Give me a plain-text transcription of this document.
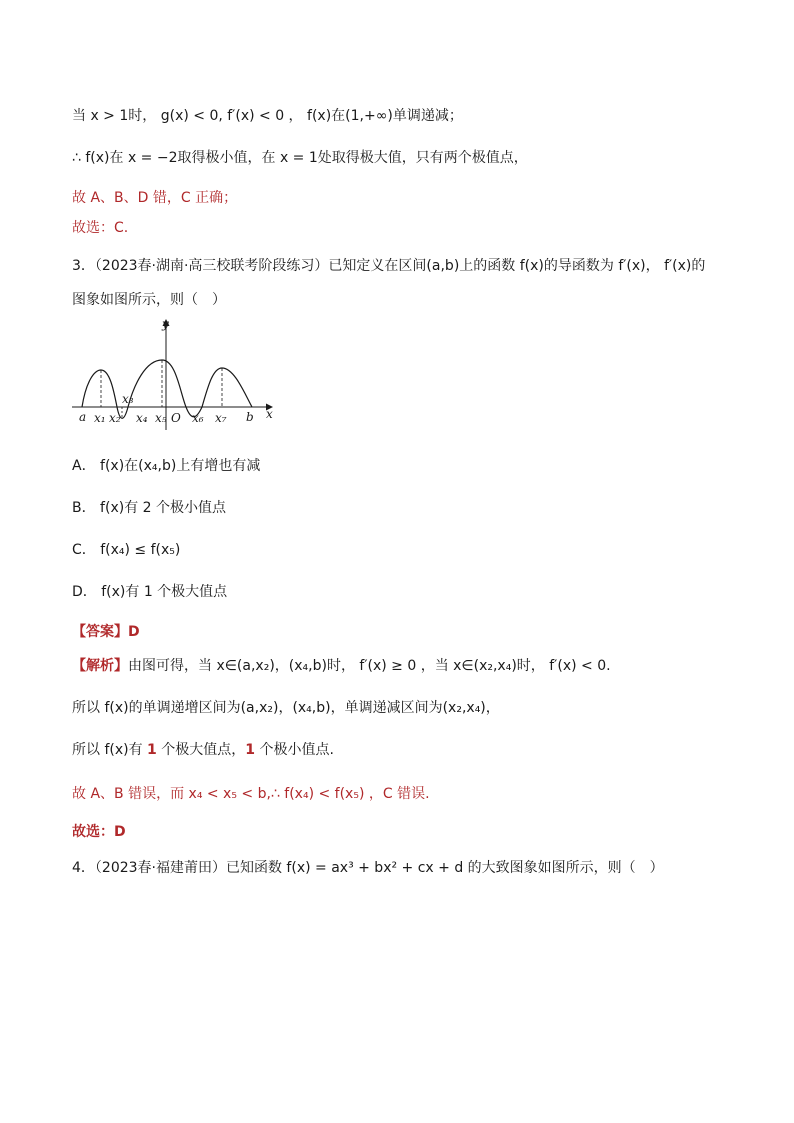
当 x > 1时， g(x) < 0, f′(x) < 0 ， f(x)在(1,+∞)单调递减；
∴ f(x)在 x = −2取得极小值，在 x = 1处取得极大值，只有两个极值点，
故 A、B、D 错，C 正确；
故选：C.
3．（2023春·湖南·高三校联考阶段练习）已知定义在区间(a,b)上的函数 f(x)的导函数为 f′(x)， f′(x)的
图象如图所示，则（　）
y
x
a x₁ x₂
x₃
x₄ x₅ O x₆ x₇ b
A． f(x)在(x₄,b)上有增也有减
B． f(x)有 2 个极小值点
C． f(x₄) ≤ f(x₅)
D． f(x)有 1 个极大值点
【答案】D
【解析】由图可得，当 x∈(a,x₂)，(x₄,b)时， f′(x) ≥ 0 ，当 x∈(x₂,x₄)时， f′(x) < 0.
所以 f(x)的单调递增区间为(a,x₂)，(x₄,b)，单调递减区间为(x₂,x₄)，
所以 f(x)有 1 个极大值点，1 个极小值点.
故 A、B 错误，而 x₄ < x₅ < b,∴ f(x₄) < f(x₅) ，C 错误.
故选：D
4．（2023春·福建莆田）已知函数 f(x) = ax³ + bx² + cx + d 的大致图象如图所示，则（　）
